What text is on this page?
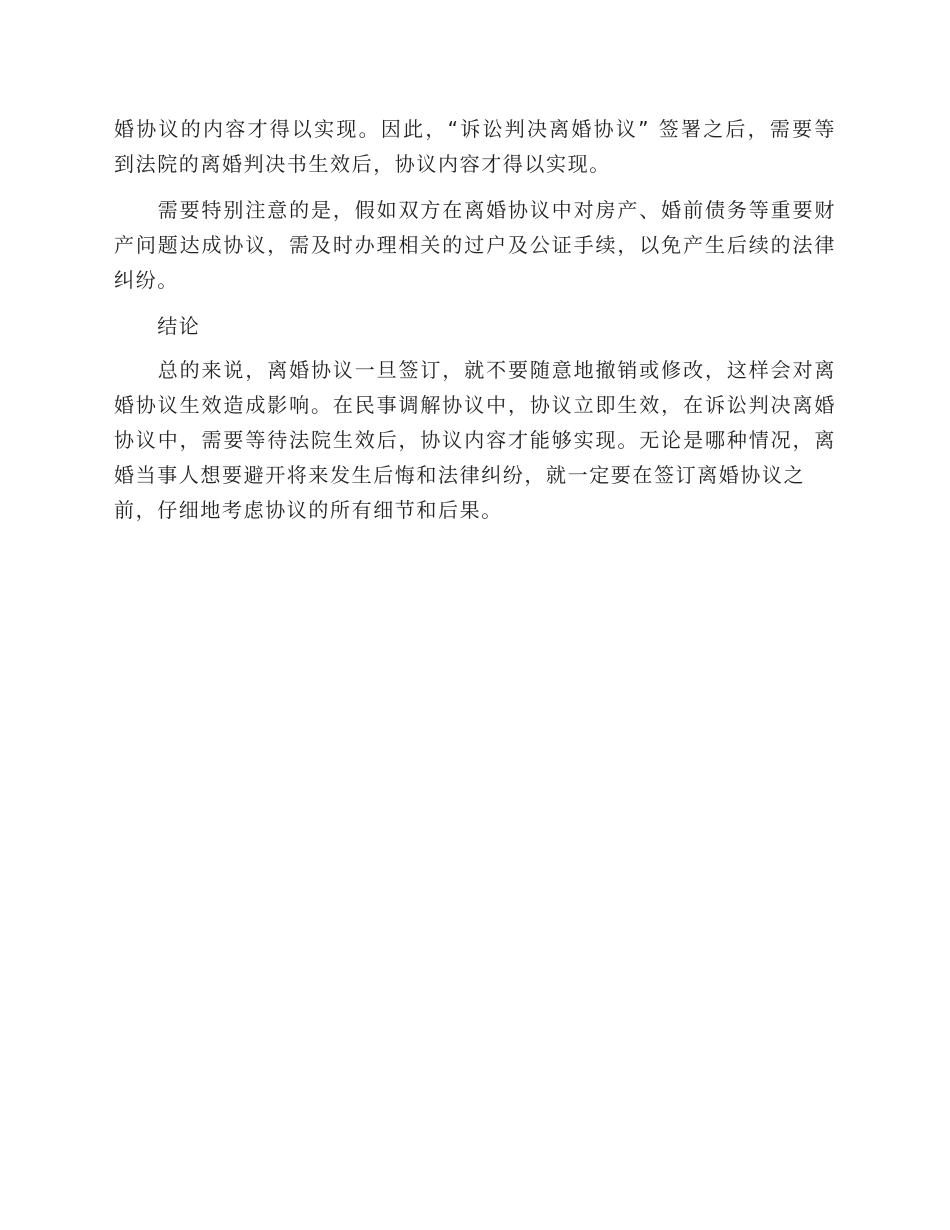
婚协议的内容才得以实现。因此，“诉讼判决离婚协议” 签署之后，需要等
到法院的离婚判决书生效后，协议内容才得以实现。
　　需要特别注意的是，假如双方在离婚协议中对房产、婚前债务等重要财
产问题达成协议，需及时办理相关的过户及公证手续，以免产生后续的法律
纠纷。
　　结论
　　总的来说，离婚协议一旦签订，就不要随意地撤销或修改，这样会对离
婚协议生效造成影响。在民事调解协议中，协议立即生效，在诉讼判决离婚
协议中，需要等待法院生效后，协议内容才能够实现。无论是哪种情况，离
婚当事人想要避开将来发生后悔和法律纠纷，就一定要在签订离婚协议之
前，仔细地考虑协议的所有细节和后果。
